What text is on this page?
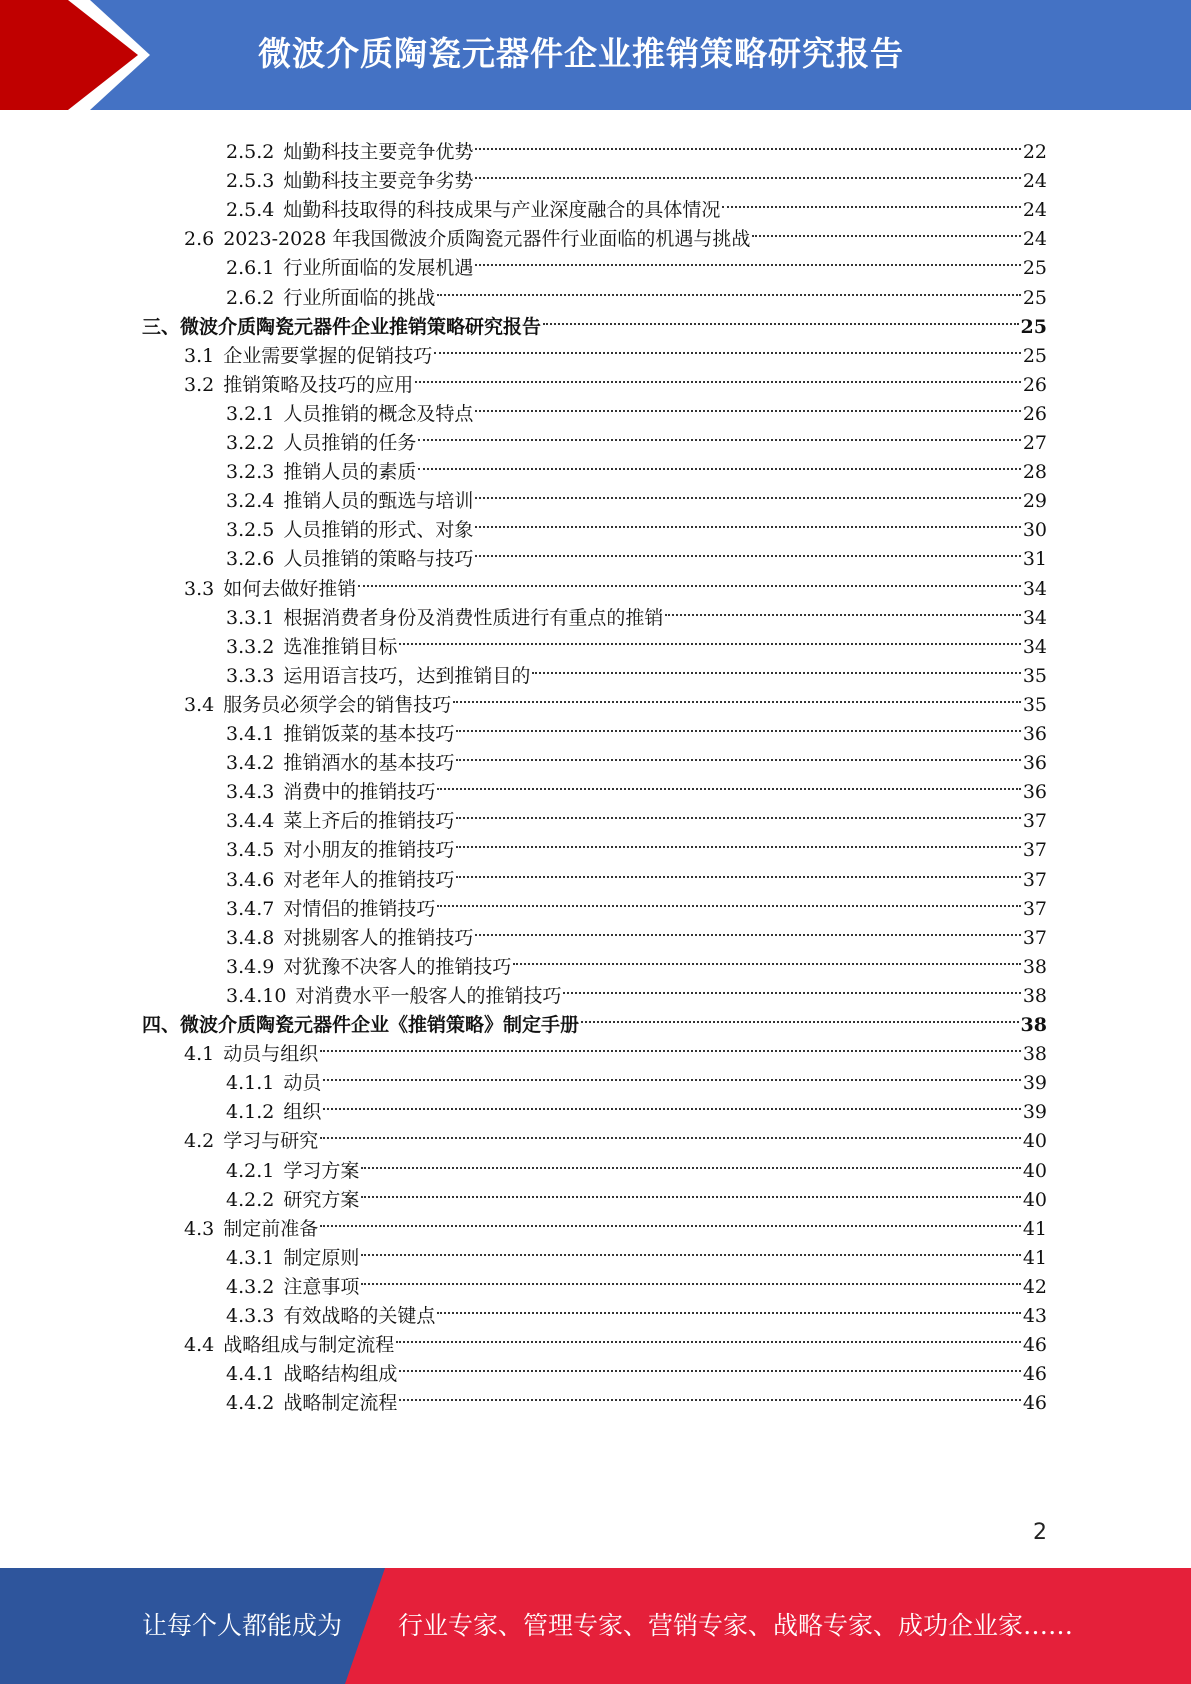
微波介质陶瓷元器件企业推销策略研究报告
2.5.2 灿勤科技主要竞争优势	22
2.5.3 灿勤科技主要竞争劣势	24
2.5.4 灿勤科技取得的科技成果与产业深度融合的具体情况	24
2.6 2023-2028 年我国微波介质陶瓷元器件行业面临的机遇与挑战	24
2.6.1 行业所面临的发展机遇	25
2.6.2 行业所面临的挑战	25
三、 微波介质陶瓷元器件企业推销策略研究报告	25
3.1 企业需要掌握的促销技巧	25
3.2 推销策略及技巧的应用	26
3.2.1 人员推销的概念及特点	26
3.2.2 人员推销的任务	27
3.2.3 推销人员的素质	28
3.2.4 推销人员的甄选与培训	29
3.2.5 人员推销的形式、对象	30
3.2.6 人员推销的策略与技巧	31
3.3 如何去做好推销	34
3.3.1 根据消费者身份及消费性质进行有重点的推销	34
3.3.2 选准推销目标	34
3.3.3 运用语言技巧，达到推销目的	35
3.4 服务员必须学会的销售技巧	35
3.4.1 推销饭菜的基本技巧	36
3.4.2 推销酒水的基本技巧	36
3.4.3 消费中的推销技巧	36
3.4.4 菜上齐后的推销技巧	37
3.4.5 对小朋友的推销技巧	37
3.4.6 对老年人的推销技巧	37
3.4.7 对情侣的推销技巧	37
3.4.8 对挑剔客人的推销技巧	37
3.4.9 对犹豫不决客人的推销技巧	38
3.4.10 对消费水平一般客人的推销技巧	38
四、 微波介质陶瓷元器件企业《推销策略》制定手册	38
4.1 动员与组织	38
4.1.1 动员	39
4.1.2 组织	39
4.2 学习与研究	40
4.2.1 学习方案	40
4.2.2 研究方案	40
4.3 制定前准备	41
4.3.1 制定原则	41
4.3.2 注意事项	42
4.3.3 有效战略的关键点	43
4.4 战略组成与制定流程	46
4.4.1 战略结构组成	46
4.4.2 战略制定流程	46
2
让每个人都能成为 行业专家、管理专家、营销专家、战略专家、成功企业家……
